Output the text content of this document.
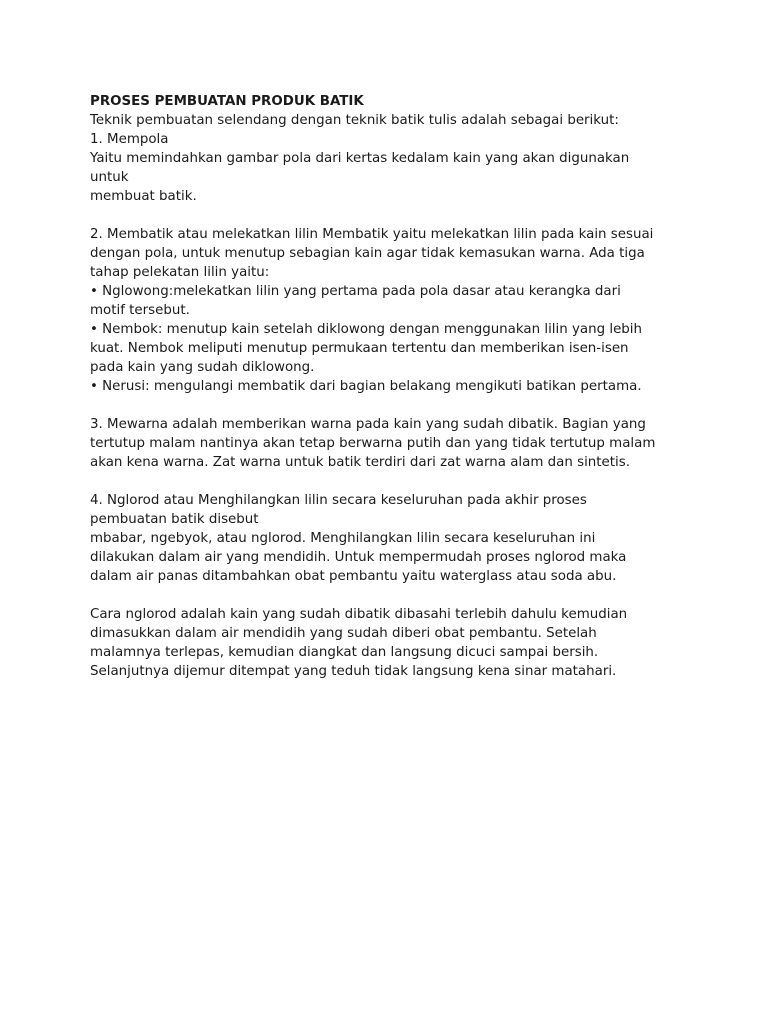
PROSES PEMBUATAN PRODUK BATIK
Teknik pembuatan selendang dengan teknik batik tulis adalah sebagai berikut:
1. Mempola
Yaitu memindahkan gambar pola dari kertas kedalam kain yang akan digunakan
untuk
membuat batik.
2. Membatik atau melekatkan lilin Membatik yaitu melekatkan lilin pada kain sesuai
dengan pola, untuk menutup sebagian kain agar tidak kemasukan warna. Ada tiga
tahap pelekatan lilin yaitu:
• Nglowong:melekatkan lilin yang pertama pada pola dasar atau kerangka dari
motif tersebut.
• Nembok: menutup kain setelah diklowong dengan menggunakan lilin yang lebih
kuat. Nembok meliputi menutup permukaan tertentu dan memberikan isen-isen
pada kain yang sudah diklowong.
• Nerusi: mengulangi membatik dari bagian belakang mengikuti batikan pertama.
3. Mewarna adalah memberikan warna pada kain yang sudah dibatik. Bagian yang
tertutup malam nantinya akan tetap berwarna putih dan yang tidak tertutup malam
akan kena warna. Zat warna untuk batik terdiri dari zat warna alam dan sintetis.
4. Nglorod atau Menghilangkan lilin secara keseluruhan pada akhir proses
pembuatan batik disebut
mbabar, ngebyok, atau nglorod. Menghilangkan lilin secara keseluruhan ini
dilakukan dalam air yang mendidih. Untuk mempermudah proses nglorod maka
dalam air panas ditambahkan obat pembantu yaitu waterglass atau soda abu.
Cara nglorod adalah kain yang sudah dibatik dibasahi terlebih dahulu kemudian
dimasukkan dalam air mendidih yang sudah diberi obat pembantu. Setelah
malamnya terlepas, kemudian diangkat dan langsung dicuci sampai bersih.
Selanjutnya dijemur ditempat yang teduh tidak langsung kena sinar matahari.
